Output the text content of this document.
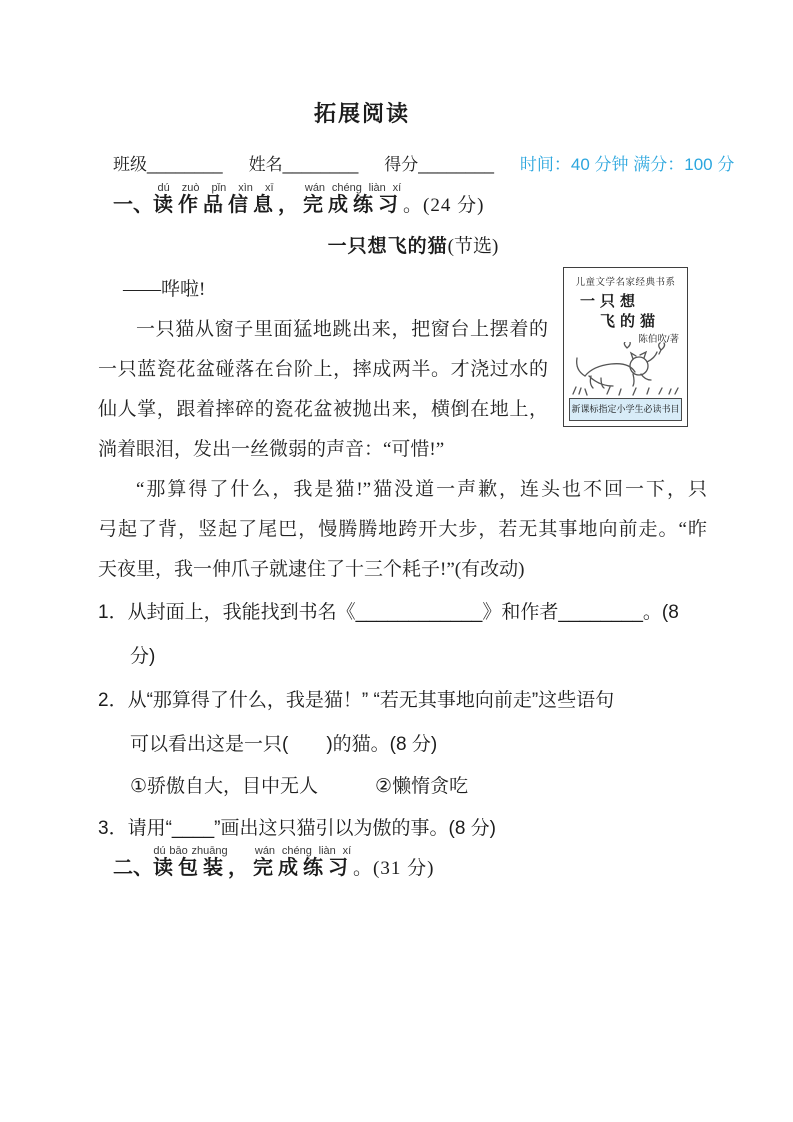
拓展阅读
班级________ 姓名________ 得分________ 时间：40 分钟 满分：100 分
一、读作品信息dú zuò pǐn xìn xī，完成练习wán chéng liàn xí。(24 分)
一只想飞的猫(节选)
——哗啦!
一只猫从窗子里面猛地跳出来，把窗台上摆着的
一只蓝瓷花盆碰落在台阶上，摔成两半。才浇过水的
仙人掌，跟着摔碎的瓷花盆被抛出来，横倒在地上，
淌着眼泪，发出一丝微弱的声音：“可惜!”
“那算得了什么，我是猫!”猫没道一声歉，连头也不回一下，只
弓起了背，竖起了尾巴，慢腾腾地跨开大步，若无其事地向前走。“昨
天夜里，我一伸爪子就逮住了十三个耗子!”(有改动)
儿童文学名家经典书系
一只想
飞的猫
陈伯吹/著
新课标指定小学生必读书目
1．从封面上，我能找到书名《____________》和作者________。(8
分)
2．从“那算得了什么，我是猫！” “若无其事地向前走”这些语句
可以看出这是一只(　　)的猫。(8 分)
①骄傲自大，目中无人	②懒惰贪吃
3．请用“____”画出这只猫引以为傲的事。(8 分)
二、读包装dú bāo zhuāng，完成练习wán chéng liàn xí。(31 分)
